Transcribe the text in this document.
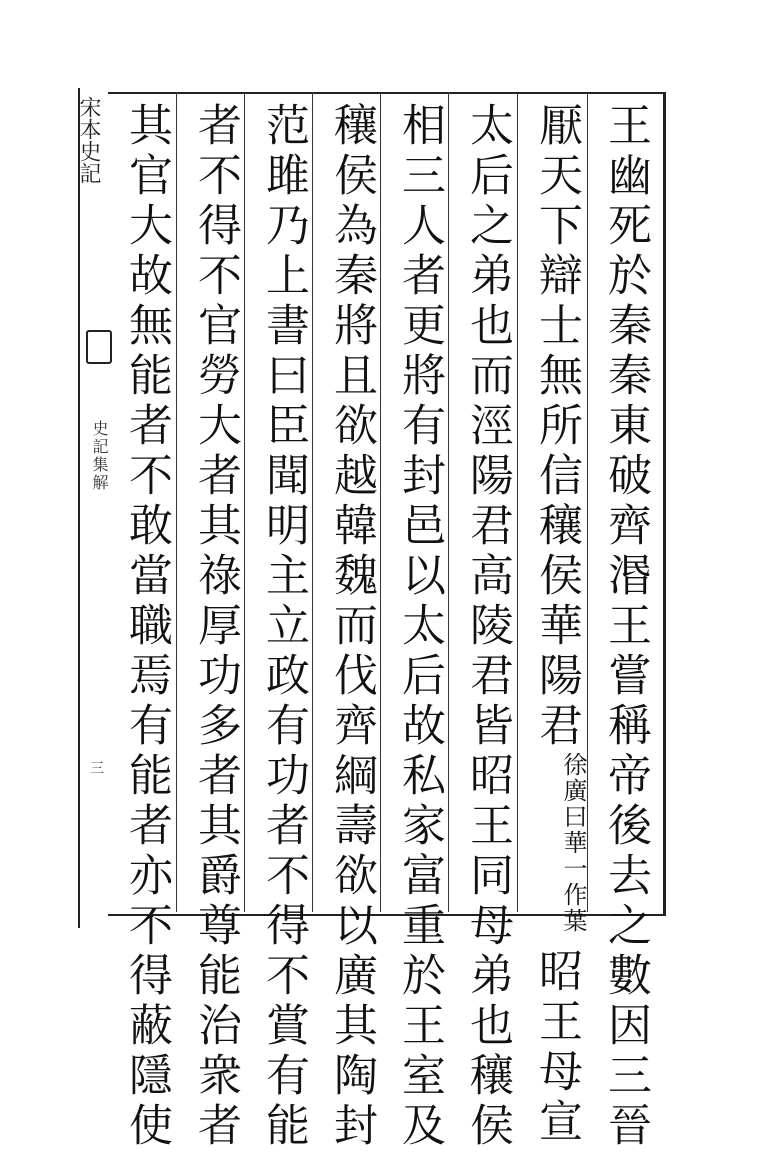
宋本史記
史記集解
三	王幽死於秦秦東破齊湣王嘗稱帝後去之數因三晉
厭天下辯士無所信穰侯華陽君徐廣曰華一作葉昭王母宣
太后之弟也而涇陽君高陵君皆昭王同母弟也穰侯
相三人者更將有封邑以太后故私家富重於王室及
穰侯為秦將且欲越韓魏而伐齊綱壽欲以廣其陶封
范雎乃上書曰臣聞明主立政有功者不得不賞有能
者不得不官勞大者其祿厚功多者其爵尊能治衆者
其官大故無能者不敢當職焉有能者亦不得蔽隱使
